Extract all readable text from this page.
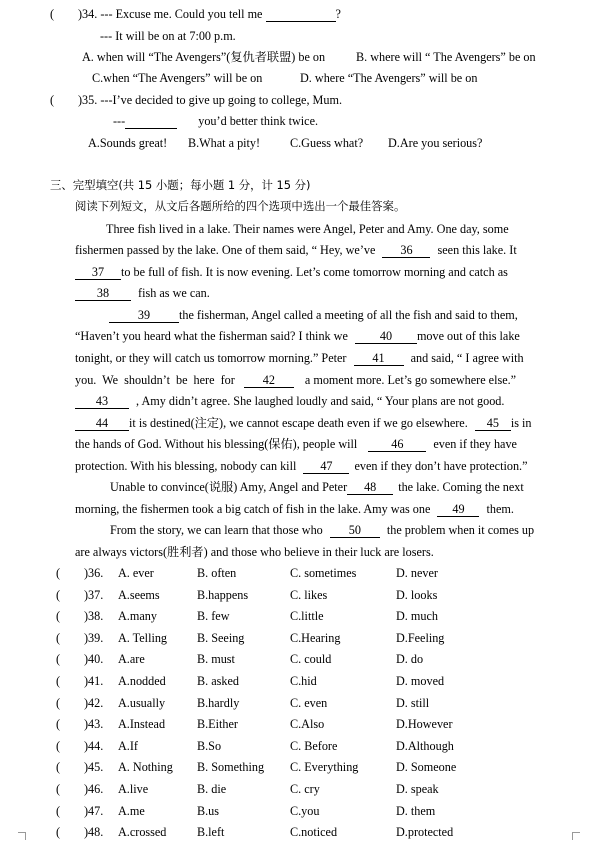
( )34. --- Excuse me. Could you tell me	?
--- It will be on at 7:00 p.m.
A. when will “The Avengers”(复仇者联盟) be on	B. where will “ The Avengers” be on
C.when “The Avengers” will be on	D. where “The Avengers” will be on
( )35. ---I’ve decided to give up going to college, Mum.
---	you’d better think twice.
A.Sounds great! B.What a pity! C.Guess what? D.Are you serious?
三、完型填空(共 15 小题；每小题 1 分，计 15 分)
阅读下列短文，从文后各题所给的四个选项中选出一个最佳答案。
Three fish lived in a lake. Their names were Angel, Peter and Amy. One day, some
fishermen passed by the lake. One of them said, “ Hey, we’ve 36 seen this lake. It
37 to be full of fish. It is now evening. Let’s come tomorrow morning and catch as
38 fish as we can.
39 the fisherman, Angel called a meeting of all the fish and said to them,
“Haven’t you heard what the fisherman said? I think we	40 move out of this lake
tonight, or they will catch us tomorrow morning.” Peter 41 and said, “ I agree with
you. We shouldn’t be here for 42 a moment more. Let’s go somewhere else.”
43 , Amy didn’t agree. She laughed loudly and said, “ Your plans are not good.
44 it is destined(注定), we cannot escape death even if we go elsewhere. 45 is in
the hands of God. Without his blessing(保佑), people will	46 even if they have
protection. With his blessing, nobody can kill 47 even if they don’t have protection.”
Unable to convince(说服) Amy, Angel and Peter 48 the lake. Coming the next
morning, the fishermen took a big catch of fish in the lake. Amy was one 49 them.
From the story, we can learn that those who 50 the problem when it comes up
are always victors(胜利者) and those who believe in their luck are losers.
( )36. A. ever	B. often	C. sometimes	D. never
( )37. A.seems	B.happens	C. likes	D. looks
( )38. A.many	B. few	C.little	D. much
( )39. A. Telling B. Seeing	C.Hearing	D.Feeling
( )40. A.are	B. must	C. could	D. do
( )41. A.nodded	B. asked	C.hid	D. moved
( )42. A.usually	B.hardly	C. even	D. still
( )43. A.Instead	B.Either	C.Also	D.However
( )44. A.If	B.So	C. Before	D.Although
( )45. A. Nothing B. Something C. Everything	D. Someone
( )46. A.live	B. die	C. cry	D. speak
( )47. A.me	B.us	C.you	D. them
( )48. A.crossed	B.left	C.noticed	D.protected
